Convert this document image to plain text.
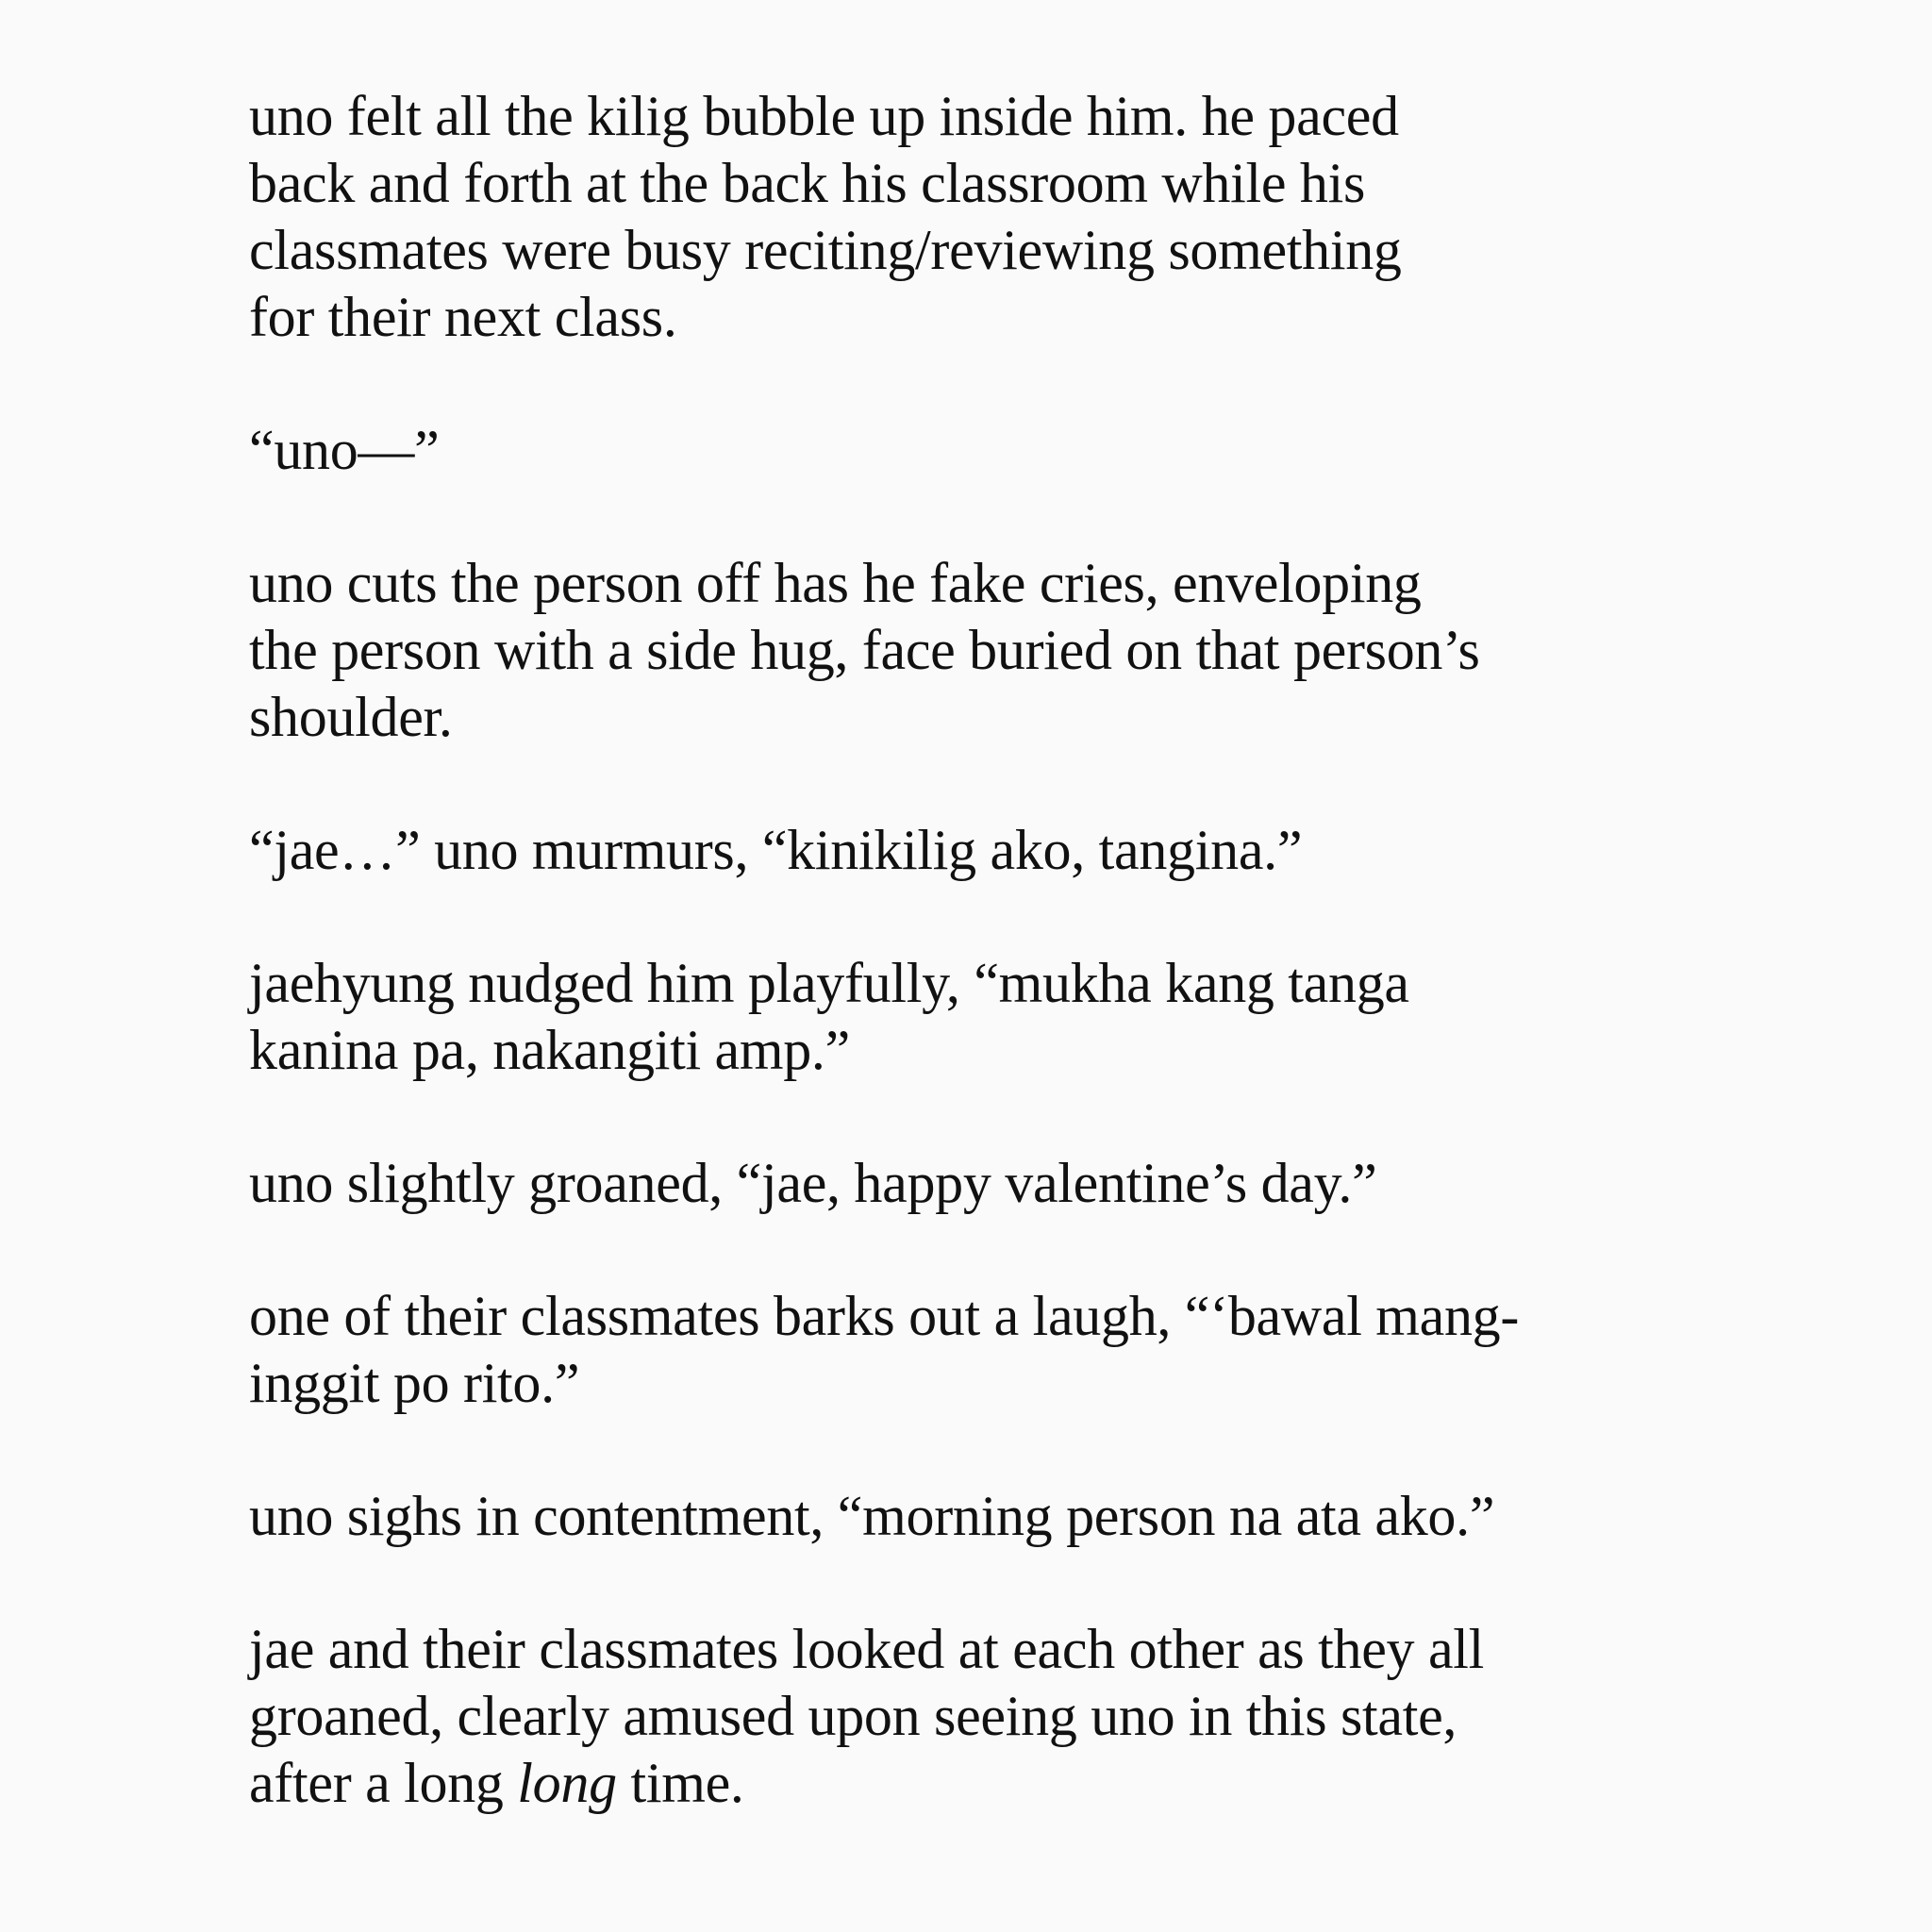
uno felt all the kilig bubble up inside him. he paced
back and forth at the back his classroom while his
classmates were busy reciting/reviewing something
for their next class.

“uno—”

uno cuts the person off has he fake cries, enveloping
the person with a side hug, face buried on that person’s
shoulder.

“jae…” uno murmurs, “kinikilig ako, tangina.”

jaehyung nudged him playfully, “mukha kang tanga
kanina pa, nakangiti amp.”

uno slightly groaned, “jae, happy valentine’s day.”

one of their classmates barks out a laugh, “‘bawal mang-
inggit po rito.”

uno sighs in contentment, “morning person na ata ako.”

jae and their classmates looked at each other as they all
groaned, clearly amused upon seeing uno in this state,
after a long long time.
